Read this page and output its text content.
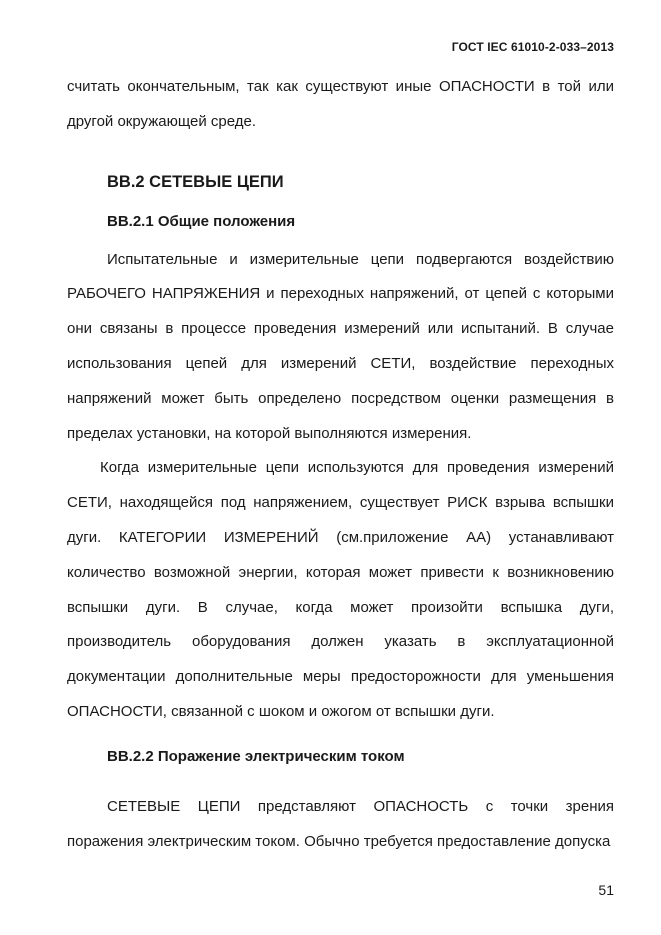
ГОСТ IEC 61010-2-033–2013

считать окончательным, так как существуют иные ОПАСНОСТИ в той или другой окружающей среде.

BB.2 СЕТЕВЫЕ ЦЕПИ
BB.2.1 Общие положения

Испытательные и измерительные цепи подвергаются воздействию РАБОЧЕГО НАПРЯЖЕНИЯ и переходных напряжений, от цепей с которыми они связаны в процессе проведения измерений или испытаний. В случае использования цепей для измерений СЕТИ, воздействие переходных напряжений может быть определено посредством оценки размещения в пределах установки, на которой выполняются измерения.

Когда измерительные цепи используются для проведения измерений СЕТИ, находящейся под напряжением, существует РИСК взрыва вспышки дуги. КАТЕГОРИИ ИЗМЕРЕНИЙ (см.приложение АА) устанавливают количество возможной энергии, которая может привести к возникновению вспышки дуги. В случае, когда может произойти вспышка дуги, производитель оборудования должен указать в эксплуатационной документации дополнительные меры предосторожности для уменьшения ОПАСНОСТИ, связанной с шоком и ожогом от вспышки дуги.

BB.2.2 Поражение электрическим током

СЕТЕВЫЕ ЦЕПИ представляют ОПАСНОСТЬ с точки зрения поражения электрическим током. Обычно требуется предоставление допуска

51
